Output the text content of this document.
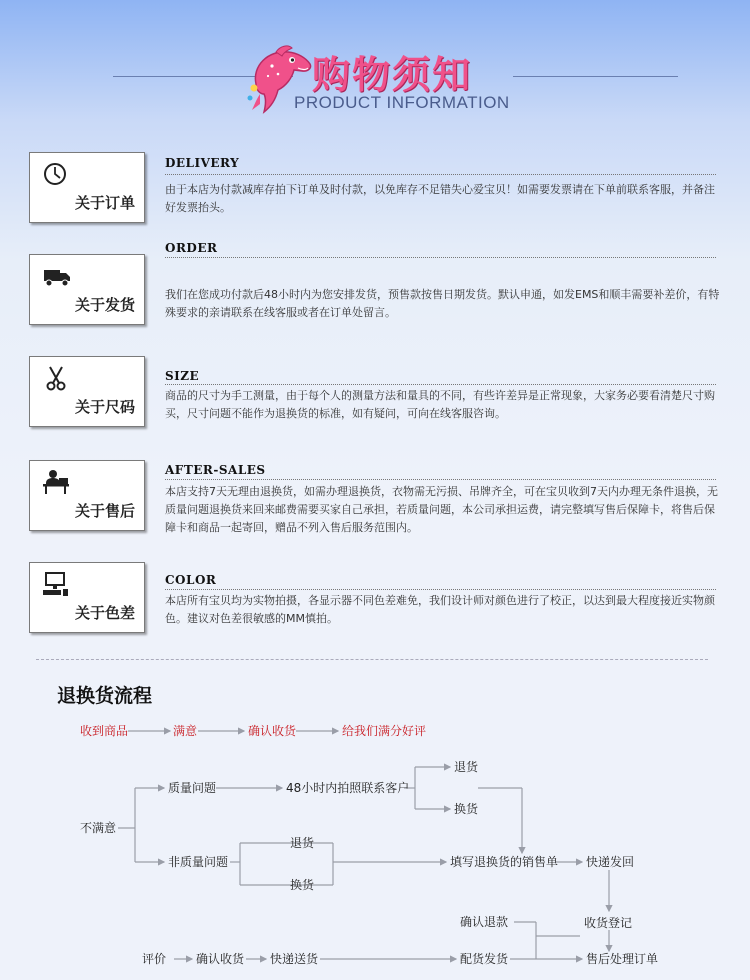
购物须知
PRODUCT INFORMATION
关于订单
DELIVERY
由于本店为付款减库存拍下订单及时付款，以免库存不足错失心爱宝贝！如需要发票请在下单前联系客服，并备注好发票抬头。
关于发货
ORDER
我们在您成功付款后48小时内为您安排发货，预售款按售日期发货。默认申通，如发EMS和顺丰需要补差价，有特殊要求的亲请联系在线客服或者在订单处留言。
关于尺码
SIZE
商品的尺寸为手工测量，由于每个人的测量方法和量具的不同，有些许差异是正常现象，大家务必要看清楚尺寸购买，尺寸问题不能作为退换货的标准，如有疑问，可向在线客服咨询。
关于售后
AFTER-SALES
本店支持7天无理由退换货，如需办理退换货，衣物需无污损、吊牌齐全，可在宝贝收到7天内办理无条件退换，无质量问题退换货来回来邮费需要买家自己承担，若质量问题，本公司承担运费，请完整填写售后保障卡，将售后保障卡和商品一起寄回，赠品不列入售后服务范围内。
关于色差
COLOR
本店所有宝贝均为实物拍摄，各显示器不同色差难免，我们设计师对颜色进行了校正，以达到最大程度接近实物颜色。建议对色差很敏感的MM慎拍。
退换货流程
收到商品	满意	确认收货	给我们满分好评
不满意
质量问题	48小时内拍照联系客户
退货
换货
非质量问题
退货
换货
填写退换货的销售单 快递发回
确认退款	收货登记
评价 确认收货 快递送货	配货发货	售后处理订单
